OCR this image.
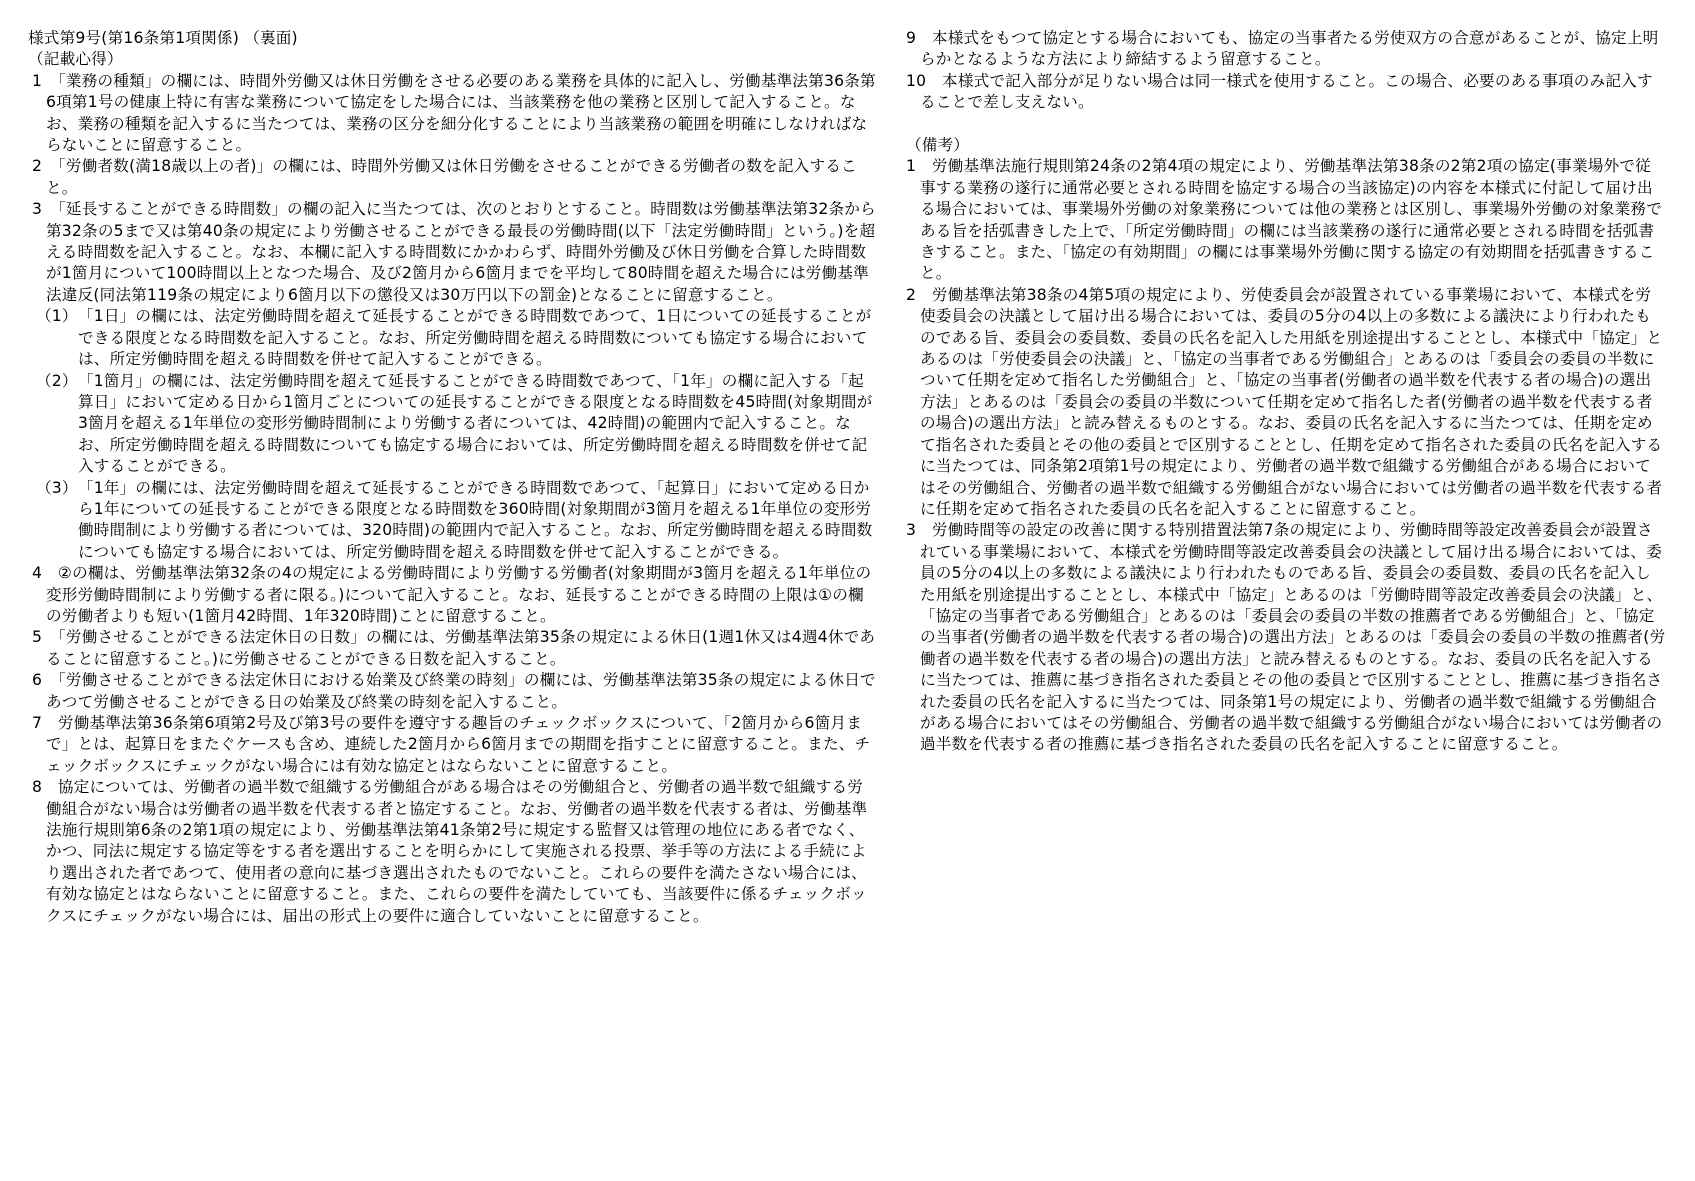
様式第9号(第16条第1項関係) （裏面)

（記載心得）

1　「業務の種類」の欄には、時間外労働又は休日労働をさせる必要のある業務を具体的に記入し、労働基準法第36条第6項第1号の健康上特に有害な業務について協定をした場合には、当該業務を他の業務と区別して記入すること。なお、業務の種類を記入するに当たつては、業務の区分を細分化することにより当該業務の範囲を明確にしなければならないことに留意すること。

2　「労働者数(満18歳以上の者)」の欄には、時間外労働又は休日労働をさせることができる労働者の数を記入すること。

3　「延長することができる時間数」の欄の記入に当たつては、次のとおりとすること。時間数は労働基準法第32条から第32条の5まで又は第40条の規定により労働させることができる最長の労働時間(以下「法定労働時間」という。)を超える時間数を記入すること。なお、本欄に記入する時間数にかかわらず、時間外労働及び休日労働を合算した時間数が1箇月について100時間以上となつた場合、及び2箇月から6箇月までを平均して80時間を超えた場合には労働基準法違反(同法第119条の規定により6箇月以下の懲役又は30万円以下の罰金)となることに留意すること。

（1）　「1日」の欄には、法定労働時間を超えて延長することができる時間数であつて、1日についての延長することができる限度となる時間数を記入すること。なお、所定労働時間を超える時間数についても協定する場合においては、所定労働時間を超える時間数を併せて記入することができる。

（2）　「1箇月」の欄には、法定労働時間を超えて延長することができる時間数であつて、「1年」の欄に記入する「起算日」において定める日から1箇月ごとについての延長することができる限度となる時間数を45時間(対象期間が3箇月を超える1年単位の変形労働時間制により労働する者については、42時間)の範囲内で記入すること。なお、所定労働時間を超える時間数についても協定する場合においては、所定労働時間を超える時間数を併せて記入することができる。

（3）　「1年」の欄には、法定労働時間を超えて延長することができる時間数であつて、「起算日」において定める日から1年についての延長することができる限度となる時間数を360時間(対象期間が3箇月を超える1年単位の変形労働時間制により労働する者については、320時間)の範囲内で記入すること。なお、所定労働時間を超える時間数についても協定する場合においては、所定労働時間を超える時間数を併せて記入することができる。

4　②の欄は、労働基準法第32条の4の規定による労働時間により労働する労働者(対象期間が3箇月を超える1年単位の変形労働時間制により労働する者に限る。)について記入すること。なお、延長することができる時間の上限は①の欄の労働者よりも短い(1箇月42時間、1年320時間)ことに留意すること。

5　「労働させることができる法定休日の日数」の欄には、労働基準法第35条の規定による休日(1週1休又は4週4休であることに留意すること。)に労働させることができる日数を記入すること。

6　「労働させることができる法定休日における始業及び終業の時刻」の欄には、労働基準法第35条の規定による休日であつて労働させることができる日の始業及び終業の時刻を記入すること。

7　労働基準法第36条第6項第2号及び第3号の要件を遵守する趣旨のチェックボックスについて、「2箇月から6箇月まで」とは、起算日をまたぐケースも含め、連続した2箇月から6箇月までの期間を指すことに留意すること。また、チェックボックスにチェックがない場合には有効な協定とはならないことに留意すること。

8　協定については、労働者の過半数で組織する労働組合がある場合はその労働組合と、労働者の過半数で組織する労働組合がない場合は労働者の過半数を代表する者と協定すること。なお、労働者の過半数を代表する者は、労働基準法施行規則第6条の2第1項の規定により、労働基準法第41条第2号に規定する監督又は管理の地位にある者でなく、かつ、同法に規定する協定等をする者を選出することを明らかにして実施される投票、挙手等の方法による手続により選出された者であつて、使用者の意向に基づき選出されたものでないこと。これらの要件を満たさない場合には、有効な協定とはならないことに留意すること。また、これらの要件を満たしていても、当該要件に係るチェックボックスにチェックがない場合には、届出の形式上の要件に適合していないことに留意すること。

9　本様式をもつて協定とする場合においても、協定の当事者たる労使双方の合意があることが、協定上明らかとなるような方法により締結するよう留意すること。

10　本様式で記入部分が足りない場合は同一様式を使用すること。この場合、必要のある事項のみ記入することで差し支えない。

（備考）

1　労働基準法施行規則第24条の2第4項の規定により、労働基準法第38条の2第2項の協定(事業場外で従事する業務の遂行に通常必要とされる時間を協定する場合の当該協定)の内容を本様式に付記して届け出る場合においては、事業場外労働の対象業務については他の業務とは区別し、事業場外労働の対象業務である旨を括弧書きした上で、「所定労働時間」の欄には当該業務の遂行に通常必要とされる時間を括弧書きすること。また、「協定の有効期間」の欄には事業場外労働に関する協定の有効期間を括弧書きすること。

2　労働基準法第38条の4第5項の規定により、労使委員会が設置されている事業場において、本様式を労使委員会の決議として届け出る場合においては、委員の5分の4以上の多数による議決により行われたものである旨、委員会の委員数、委員の氏名を記入した用紙を別途提出することとし、本様式中「協定」とあるのは「労使委員会の決議」と、「協定の当事者である労働組合」とあるのは「委員会の委員の半数について任期を定めて指名した労働組合」と、「協定の当事者(労働者の過半数を代表する者の場合)の選出方法」とあるのは「委員会の委員の半数について任期を定めて指名した者(労働者の過半数を代表する者の場合)の選出方法」と読み替えるものとする。なお、委員の氏名を記入するに当たつては、任期を定めて指名された委員とその他の委員とで区別することとし、任期を定めて指名された委員の氏名を記入するに当たつては、同条第2項第1号の規定により、労働者の過半数で組織する労働組合がある場合においてはその労働組合、労働者の過半数で組織する労働組合がない場合においては労働者の過半数を代表する者に任期を定めて指名された委員の氏名を記入することに留意すること。

3　労働時間等の設定の改善に関する特別措置法第7条の規定により、労働時間等設定改善委員会が設置されている事業場において、本様式を労働時間等設定改善委員会の決議として届け出る場合においては、委員の5分の4以上の多数による議決により行われたものである旨、委員会の委員数、委員の氏名を記入した用紙を別途提出することとし、本様式中「協定」とあるのは「労働時間等設定改善委員会の決議」と、「協定の当事者である労働組合」とあるのは「委員会の委員の半数の推薦者である労働組合」と、「協定の当事者(労働者の過半数を代表する者の場合)の選出方法」とあるのは「委員会の委員の半数の推薦者(労働者の過半数を代表する者の場合)の選出方法」と読み替えるものとする。なお、委員の氏名を記入するに当たつては、推薦に基づき指名された委員とその他の委員とで区別することとし、推薦に基づき指名された委員の氏名を記入するに当たつては、同条第1号の規定により、労働者の過半数で組織する労働組合がある場合においてはその労働組合、労働者の過半数で組織する労働組合がない場合においては労働者の過半数を代表する者の推薦に基づき指名された委員の氏名を記入することに留意すること。
